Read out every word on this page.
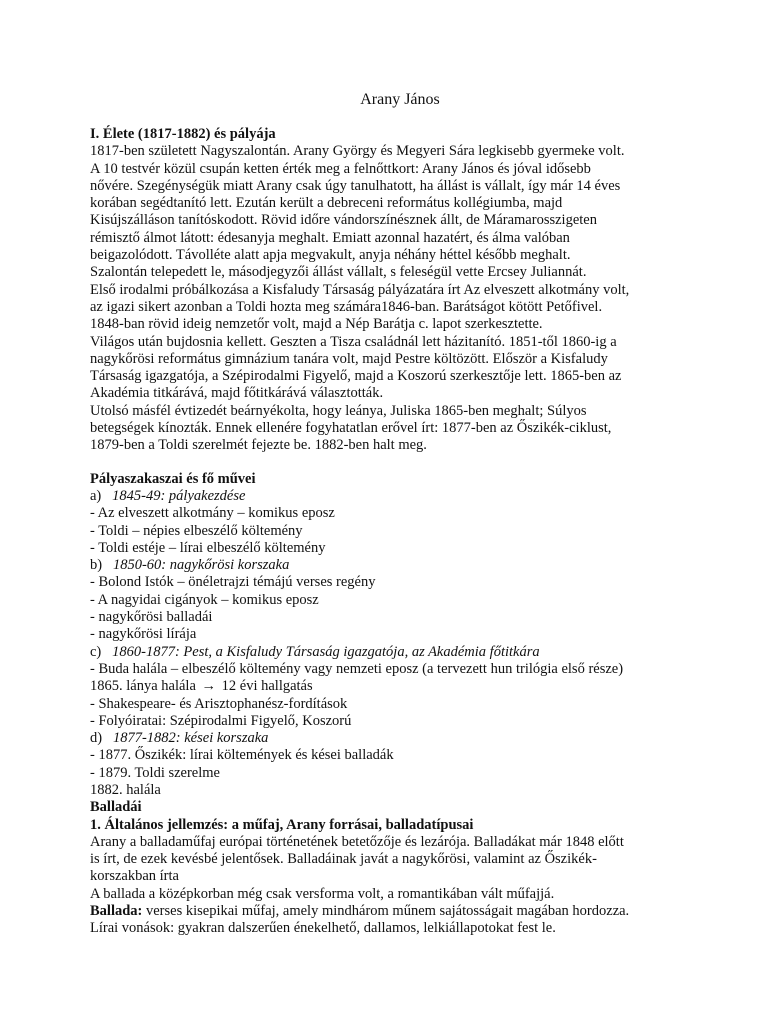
Arany János

I. Élete (1817-1882) és pályája

1817-ben született Nagyszalontán. Arany György és Megyeri Sára legkisebb gyermeke volt.

A 10 testvér közül csupán ketten érték meg a felnőttkort: Arany János és jóval idősebb

nővére. Szegénységük miatt Arany csak úgy tanulhatott, ha állást is vállalt, így már 14 éves

korában segédtanító lett. Ezután került a debreceni református kollégiumba, majd

Kisújszálláson tanítóskodott. Rövid időre vándorszínésznek állt, de Máramarosszigeten

rémisztő álmot látott: édesanyja meghalt. Emiatt azonnal hazatért, és álma valóban

beigazolódott. Távolléte alatt apja megvakult, anyja néhány héttel később meghalt.

Szalontán telepedett le, másodjegyzői állást vállalt, s feleségül vette Ercsey Juliannát.

Első irodalmi próbálkozása a Kisfaludy Társaság pályázatára írt Az elveszett alkotmány volt,

az igazi sikert azonban a Toldi hozta meg számára1846-ban. Barátságot kötött Petőfivel.

1848-ban rövid ideig nemzetőr volt, majd a Nép Barátja c. lapot szerkesztette.

Világos után bujdosnia kellett. Geszten a Tisza családnál lett házitanító. 1851-től 1860-ig a

nagykőrösi református gimnázium tanára volt, majd Pestre költözött. Először a Kisfaludy

Társaság igazgatója, a Szépirodalmi Figyelő, majd a Koszorú szerkesztője lett. 1865-ben az

Akadémia titkárává, majd főtitkárává választották.

Utolsó másfél évtizedét beárnyékolta, hogy leánya, Juliska 1865-ben meghalt; Súlyos

betegségek kínozták. Ennek ellenére fogyhatatlan erővel írt: 1877-ben az Őszikék-ciklust,

1879-ben a Toldi szerelmét fejezte be. 1882-ben halt meg.

Pályaszakaszai és fő művei

a) 1845-49: pályakezdése

- Az elveszett alkotmány – komikus eposz

- Toldi – népies elbeszélő költemény

- Toldi estéje – lírai elbeszélő költemény

b) 1850-60: nagykőrösi korszaka

- Bolond Istók – önéletrajzi témájú verses regény

- A nagyidai cigányok – komikus eposz

- nagykőrösi balladái

- nagykőrösi lírája

c) 1860-1877: Pest, a Kisfaludy Társaság igazgatója, az Akadémia főtitkára

- Buda halála – elbeszélő költemény vagy nemzeti eposz (a tervezett hun trilógia első része)

1865. lánya halála → 12 évi hallgatás

- Shakespeare- és Arisztophanész-fordítások

- Folyóiratai: Szépirodalmi Figyelő, Koszorú

d) 1877-1882: kései korszaka

- 1877. Őszikék: lírai költemények és kései balladák

- 1879. Toldi szerelme

1882. halála

Balladái

1. Általános jellemzés: a műfaj, Arany forrásai, balladatípusai

Arany a balladaműfaj európai történetének betetőzője és lezárója. Balladákat már 1848 előtt

is írt, de ezek kevésbé jelentősek. Balladáinak javát a nagykőrösi, valamint az Őszikék-

korszakban írta

A ballada a középkorban még csak versforma volt, a romantikában vált műfajjá.

Ballada: verses kisepikai műfaj, amely mindhárom műnem sajátosságait magában hordozza.

Lírai vonások: gyakran dalszerűen énekelhető, dallamos, lelkiállapotokat fest le.
